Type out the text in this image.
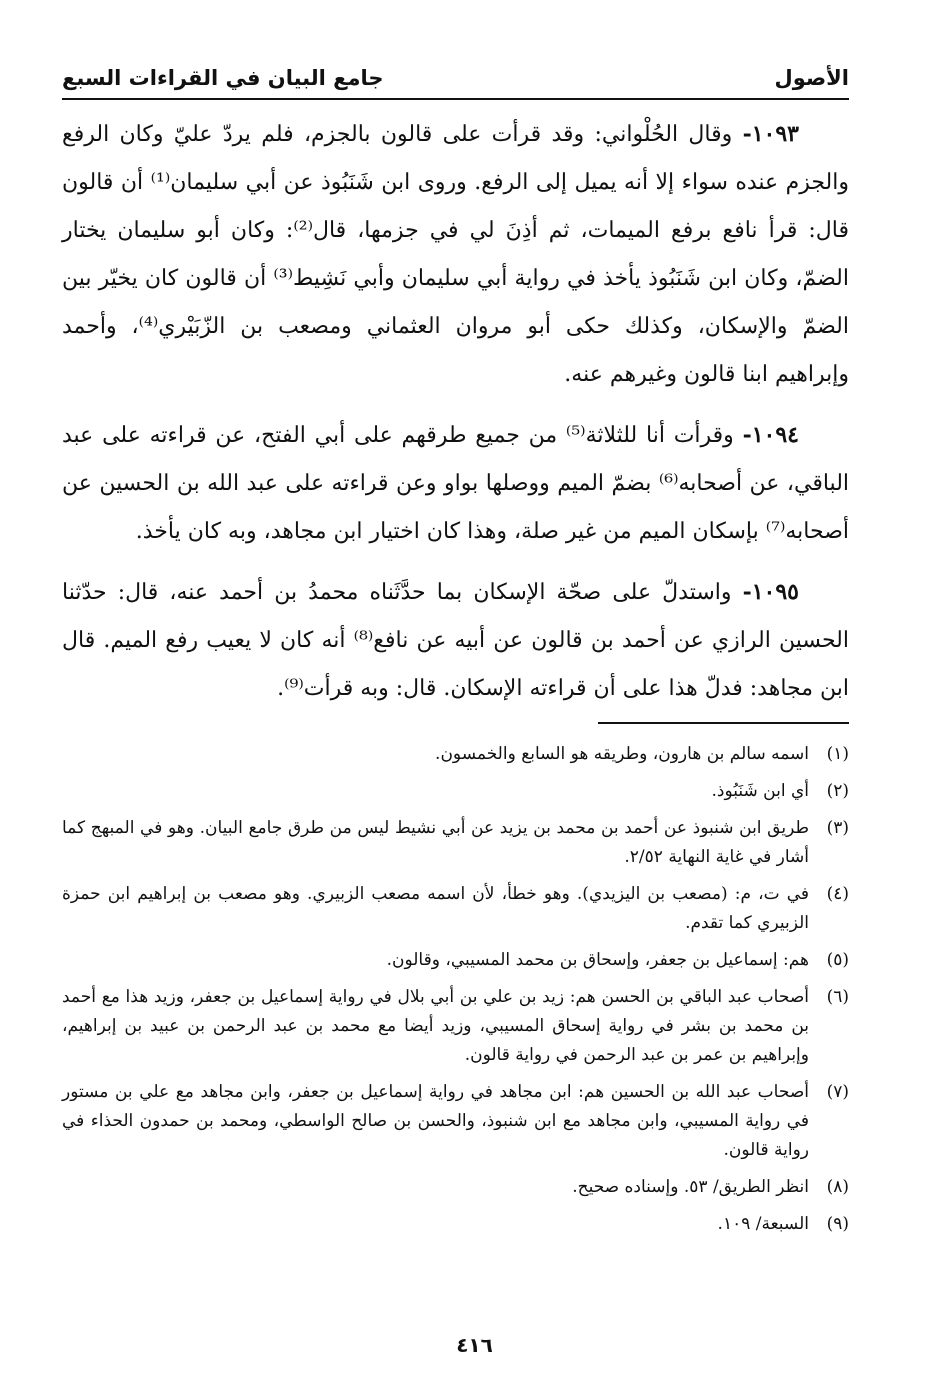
الأصول
جامع البيان في القراءات السبع

١٠٩٣- وقال الحُلْواني: وقد قرأت على قالون بالجزم، فلم يردّ عليّ وكان الرفع والجزم عنده سواء إلا أنه يميل إلى الرفع. وروى ابن شَنَبُوذ عن أبي سليمان⁽¹⁾ أن قالون قال: قرأ نافع برفع الميمات، ثم أذِنَ لي في جزمها، قال⁽²⁾: وكان أبو سليمان يختار الضمّ، وكان ابن شَنَبُوذ يأخذ في رواية أبي سليمان وأبي نَشِيط⁽³⁾ أن قالون كان يخيّر بين الضمّ والإسكان، وكذلك حكى أبو مروان العثماني ومصعب بن الزّبَيْري⁽⁴⁾، وأحمد وإبراهيم ابنا قالون وغيرهم عنه.

١٠٩٤- وقرأت أنا للثلاثة⁽⁵⁾ من جميع طرقهم على أبي الفتح، عن قراءته على عبد الباقي، عن أصحابه⁽⁶⁾ بضمّ الميم ووصلها بواو وعن قراءته على عبد الله بن الحسين عن أصحابه⁽⁷⁾ بإسكان الميم من غير صلة، وهذا كان اختيار ابن مجاهد، وبه كان يأخذ.

١٠٩٥- واستدلّ على صحّة الإسكان بما حدَّثَناه محمدُ بن أحمد عنه، قال: حدّثنا الحسين الرازي عن أحمد بن قالون عن أبيه عن نافع⁽⁸⁾ أنه كان لا يعيب رفع الميم. قال ابن مجاهد: فدلّ هذا على أن قراءته الإسكان. قال: وبه قرأت⁽⁹⁾.

(١)
اسمه سالم بن هارون، وطريقه هو السابع والخمسون.
(٢)
أي ابن شَنَبُوذ.
(٣)
طريق ابن شنبوذ عن أحمد بن محمد بن يزيد عن أبي نشيط ليس من طرق جامع البيان. وهو في المبهج كما أشار في غاية النهاية ٢/٥٢.
(٤)
في ت، م: (مصعب بن اليزيدي). وهو خطأ، لأن اسمه مصعب الزبيري. وهو مصعب بن إبراهيم ابن حمزة الزبيري كما تقدم.
(٥)
هم: إسماعيل بن جعفر، وإسحاق بن محمد المسيبي، وقالون.
(٦)
أصحاب عبد الباقي بن الحسن هم: زيد بن علي بن أبي بلال في رواية إسماعيل بن جعفر، وزيد هذا مع أحمد بن محمد بن بشر في رواية إسحاق المسيبي، وزيد أيضا مع محمد بن عبد الرحمن بن عبيد بن إبراهيم، وإبراهيم بن عمر بن عبد الرحمن في رواية قالون.
(٧)
أصحاب عبد الله بن الحسين هم: ابن مجاهد في رواية إسماعيل بن جعفر، وابن مجاهد مع علي بن مستور في رواية المسيبي، وابن مجاهد مع ابن شنبوذ، والحسن بن صالح الواسطي، ومحمد بن حمدون الحذاء في رواية قالون.
(٨)
انظر الطريق/ ٥٣. وإسناده صحيح.
(٩)
السبعة/ ١٠٩.
٤١٦
